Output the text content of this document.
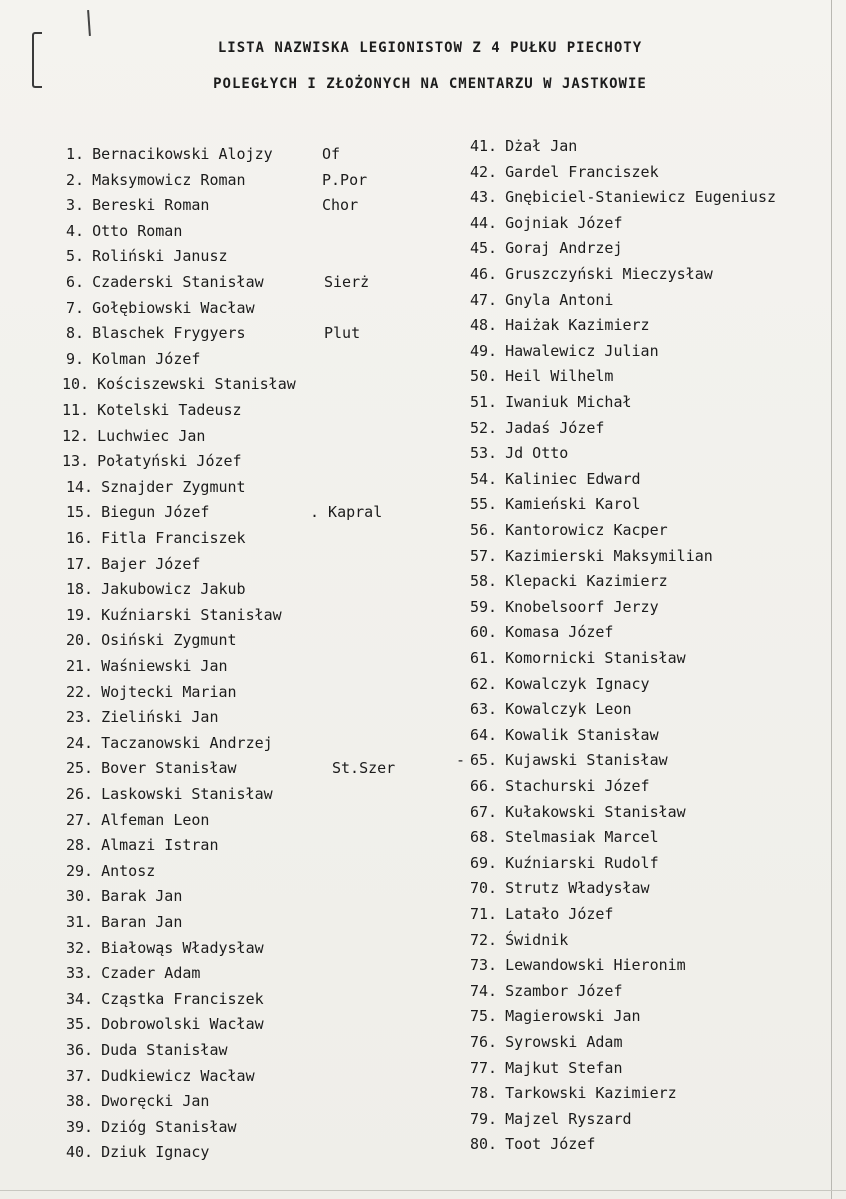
LISTA NAZWISKA LEGIONISTOW Z 4 PUŁKU PIECHOTY
POLEGŁYCH I ZŁOŻONYCH NA CMENTARZU W JASTKOWIE
1. Bernacikowski Alojzy	Of
2. Maksymowicz Roman	P.Por
3. Bereski Roman	Chor
4. Otto Roman
5. Roliński Janusz
6. Czaderski Stanisław	Sierż
7. Gołębiowski Wacław
8. Blaschek Frygyers	Plut
9. Kolman Józef
10. Kościszewski Stanisław
11. Kotelski Tadeusz
12. Luchwiec Jan
13. Połatyński Józef
14. Sznajder Zygmunt
15. Biegun Józef	. Kapral
16. Fitla Franciszek
17. Bajer Józef
18. Jakubowicz Jakub
19. Kuźniarski Stanisław
20. Osiński Zygmunt
21. Waśniewski Jan
22. Wojtecki Marian
23. Zieliński Jan
24. Taczanowski Andrzej
25. Bover Stanisław	St.Szer
26. Laskowski Stanisław
27. Alfeman Leon
28. Almazi Istran
29. Antosz
30. Barak Jan
31. Baran Jan
32. Białowąs Władysław
33. Czader Adam
34. Cząstka Franciszek
35. Dobrowolski Wacław
36. Duda Stanisław
37. Dudkiewicz Wacław
38. Dworęcki Jan
39. Dzióg Stanisław
40. Dziuk Ignacy
41. Dżał Jan
42. Gardel Franciszek
43. Gnębiciel-Staniewicz Eugeniusz
44. Gojniak Józef
45. Goraj Andrzej
46. Gruszczyński Mieczysław
47. Gnyla Antoni
48. Haiżak Kazimierz
49. Hawalewicz Julian
50. Heil Wilhelm
51. Iwaniuk Michał
52. Jadaś Józef
53. Jd Otto
54. Kaliniec Edward
55. Kamieński Karol
56. Kantorowicz Kacper
57. Kazimierski Maksymilian
58. Klepacki Kazimierz
59. Knobelsoorf Jerzy
60. Komasa Józef
61. Komornicki Stanisław
62. Kowalczyk Ignacy
63. Kowalczyk Leon
64. Kowalik Stanisław
- 65. Kujawski Stanisław
66. Stachurski Józef
67. Kułakowski Stanisław
68. Stelmasiak Marcel
69. Kuźniarski Rudolf
70. Strutz Władysław
71. Latało Józef
72. Świdnik
73. Lewandowski Hieronim
74. Szambor Józef
75. Magierowski Jan
76. Syrowski Adam
77. Majkut Stefan
78. Tarkowski Kazimierz
79. Majzel Ryszard
80. Toot Józef
